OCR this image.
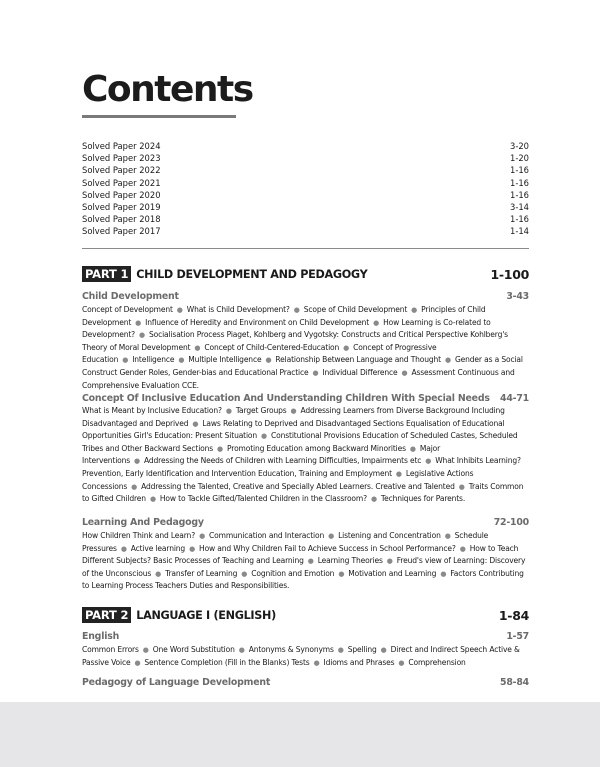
Contents
Solved Paper 2024	3-20
Solved Paper 2023	1-20
Solved Paper 2022	1-16
Solved Paper 2021	1-16
Solved Paper 2020	1-16
Solved Paper 2019	3-14
Solved Paper 2018	1-16
Solved Paper 2017	1-14
PART 1 CHILD DEVELOPMENT AND PEDAGOGY	1-100
Child Development	3-43
Concept of Development ● What is Child Development? ● Scope of Child Development ● Principles of Child Development ● Influence of Heredity and Environment on Child Development ● How Learning is Co-related to Development? ● Socialisation Process Piaget, Kohlberg and Vygotsky: Constructs and Critical Perspective Kohlberg's Theory of Moral Development ● Concept of Child-Centered-Education ● Concept of Progressive Education ● Intelligence ● Multiple Intelligence ● Relationship Between Language and Thought ● Gender as a Social Construct Gender Roles, Gender-bias and Educational Practice ● Individual Difference ● Assessment Continuous and Comprehensive Evaluation CCE.
Concept Of Inclusive Education And Understanding Children With Special Needs 44-71
What is Meant by Inclusive Education? ● Target Groups ● Addressing Learners from Diverse Background Including Disadvantaged and Deprived ● Laws Relating to Deprived and Disadvantaged Sections Equalisation of Educational Opportunities Girl's Education: Present Situation ● Constitutional Provisions Education of Scheduled Castes, Scheduled Tribes and Other Backward Sections ● Promoting Education among Backward Minorities ● Major Interventions ● Addressing the Needs of Children with Learning Difficulties, Impairments etc ● What Inhibits Learning? Prevention, Early Identification and Intervention Education, Training and Employment ● Legislative Actions Concessions ● Addressing the Talented, Creative and Specially Abled Learners. Creative and Talented ● Traits Common to Gifted Children ● How to Tackle Gifted/Talented Children in the Classroom? ● Techniques for Parents.
Learning And Pedagogy	72-100
How Children Think and Learn? ● Communication and Interaction ● Listening and Concentration ● Schedule Pressures ● Active learning ● How and Why Children Fail to Achieve Success in School Performance? ● How to Teach Different Subjects? Basic Processes of Teaching and Learning ● Learning Theories ● Freud's view of Learning: Discovery of the Unconscious ● Transfer of Learning ● Cognition and Emotion ● Motivation and Learning ● Factors Contributing to Learning Process Teachers Duties and Responsibilities.
PART 2 LANGUAGE I (ENGLISH)	1-84
English	1-57
Common Errors ● One Word Substitution ● Antonyms & Synonyms ● Spelling ● Direct and Indirect Speech Active & Passive Voice ● Sentence Completion (Fill in the Blanks) Tests ● Idioms and Phrases ● Comprehension
Pedagogy of Language Development	58-84
